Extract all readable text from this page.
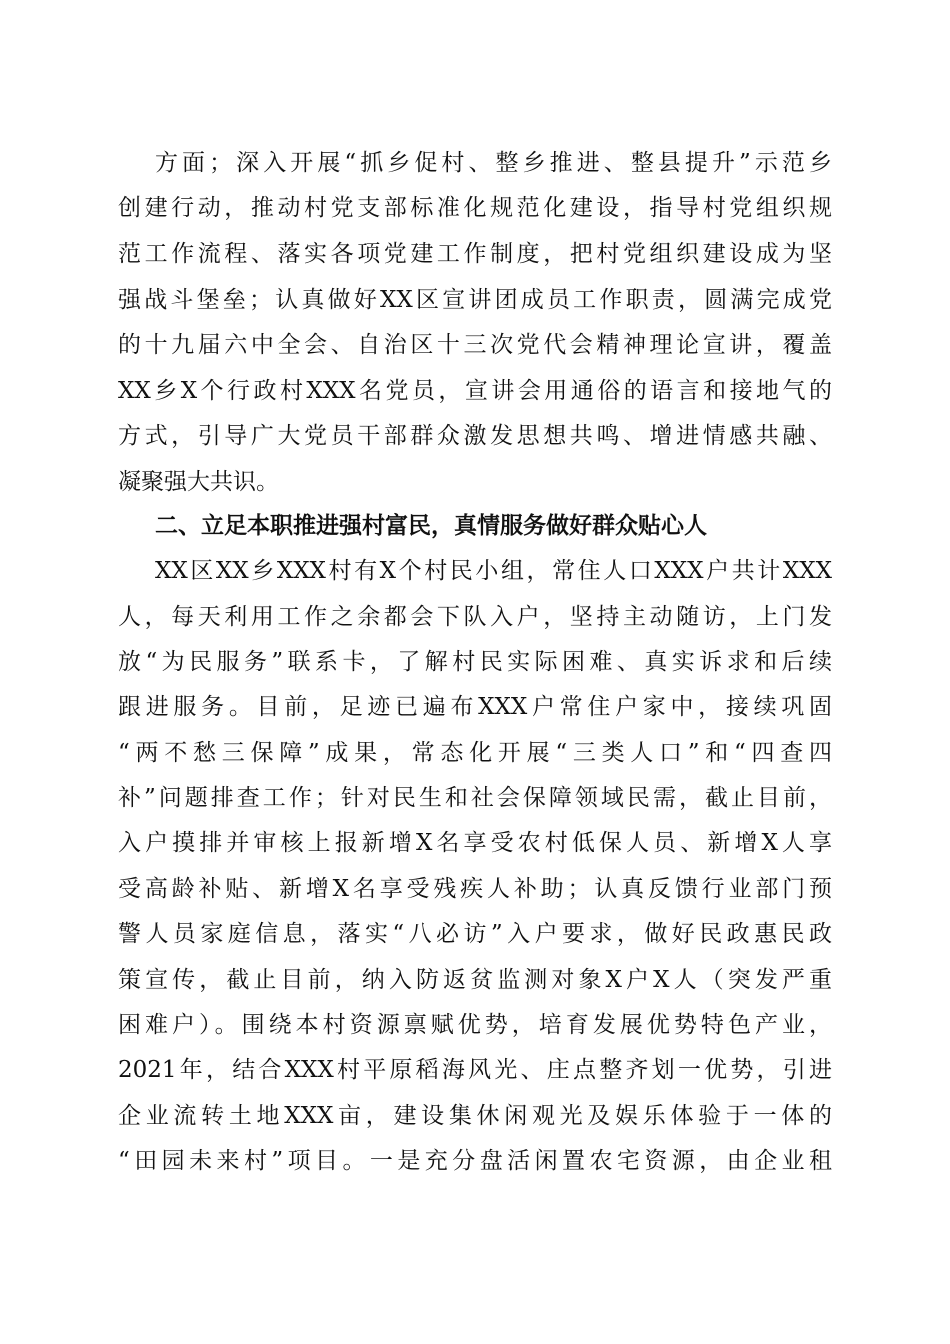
方面；深入开展“抓乡促村、整乡推进、整县提升”示范乡
创建行动，推动村党支部标准化规范化建设，指导村党组织规
范工作流程、落实各项党建工作制度，把村党组织建设成为坚
强战斗堡垒；认真做好XX区宣讲团成员工作职责，圆满完成党
的十九届六中全会、自治区十三次党代会精神理论宣讲，覆盖
XX乡X个行政村XXX名党员，宣讲会用通俗的语言和接地气的
方式，引导广大党员干部群众激发思想共鸣、增进情感共融、
凝聚强大共识。
二、立足本职推进强村富民，真情服务做好群众贴心人
XX区XX乡XXX村有X个村民小组，常住人口XXX户共计XXX
人，每天利用工作之余都会下队入户，坚持主动随访，上门发
放“为民服务”联系卡，了解村民实际困难、真实诉求和后续
跟进服务。目前，足迹已遍布XXX户常住户家中，接续巩固
“两不愁三保障”成果，常态化开展“三类人口”和“四查四
补”问题排查工作；针对民生和社会保障领域民需，截止目前，
入户摸排并审核上报新增X名享受农村低保人员、新增X人享
受高龄补贴、新增X名享受残疾人补助；认真反馈行业部门预
警人员家庭信息，落实“八必访”入户要求，做好民政惠民政
策宣传，截止目前，纳入防返贫监测对象X户X人（突发严重
困难户）。围绕本村资源禀赋优势，培育发展优势特色产业，
2021年，结合XXX村平原稻海风光、庄点整齐划一优势，引进
企业流转土地XXX亩，建设集休闲观光及娱乐体验于一体的
“田园未来村”项目。一是充分盘活闲置农宅资源，由企业租
